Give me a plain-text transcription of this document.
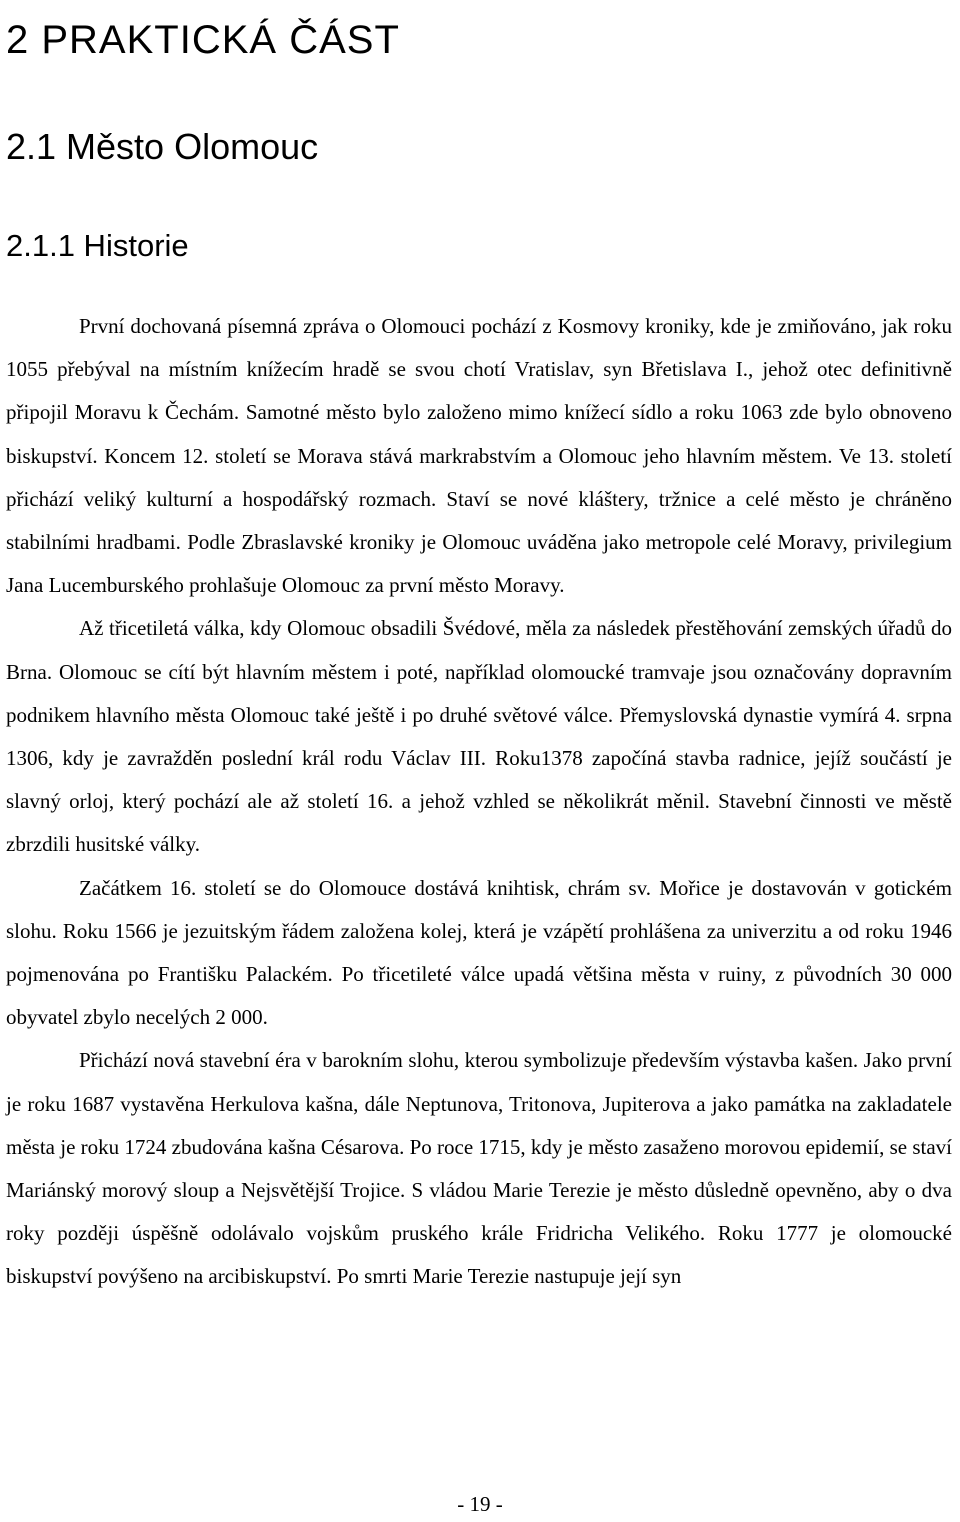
2 PRAKTICKÁ ČÁST
2.1 Město Olomouc
2.1.1 Historie

První dochovaná písemná zpráva o Olomouci pochází z Kosmovy kroniky, kde je zmiňováno, jak roku 1055 přebýval na místním knížecím hradě se svou chotí Vratislav, syn Břetislava I., jehož otec definitivně připojil Moravu k Čechám. Samotné město bylo založeno mimo knížecí sídlo a roku 1063 zde bylo obnoveno biskupství. Koncem 12. století se Morava stává markrabstvím a Olomouc jeho hlavním městem. Ve 13. století přichází veliký kulturní a hospodářský rozmach. Staví se nové kláštery, tržnice a celé město je chráněno stabilními hradbami. Podle Zbraslavské kroniky je Olomouc uváděna jako metropole celé Moravy, privilegium Jana Lucemburského prohlašuje Olomouc za první město Moravy.

Až třicetiletá válka, kdy Olomouc obsadili Švédové, měla za následek přestěhování zemských úřadů do Brna. Olomouc se cítí být hlavním městem i poté, například olomoucké tramvaje jsou označovány dopravním podnikem hlavního města Olomouc také ještě i po druhé světové válce. Přemyslovská dynastie vymírá 4. srpna 1306, kdy je zavražděn poslední král rodu Václav III. Roku1378 započíná stavba radnice, jejíž součástí je slavný orloj, který pochází ale až století 16. a jehož vzhled se několikrát měnil. Stavební činnosti ve městě zbrzdili husitské války.

Začátkem 16. století se do Olomouce dostává knihtisk, chrám sv. Mořice je dostavován v gotickém slohu. Roku 1566 je jezuitským řádem založena kolej, která je vzápětí prohlášena za univerzitu a od roku 1946 pojmenována po Františku Palackém. Po třicetileté válce upadá většina města v ruiny, z původních 30 000 obyvatel zbylo necelých 2 000.

Přichází nová stavební éra v barokním slohu, kterou symbolizuje především výstavba kašen. Jako první je roku 1687 vystavěna Herkulova kašna, dále Neptunova, Tritonova, Jupiterova a jako památka na zakladatele města je roku 1724 zbudována kašna Césarova. Po roce 1715, kdy je město zasaženo morovou epidemií, se staví Mariánský morový sloup a Nejsvětější Trojice. S vládou Marie Terezie je město důsledně opevněno, aby o dva roky později úspěšně odolávalo vojskům pruského krále Fridricha Velikého. Roku 1777 je olomoucké biskupství povýšeno na arcibiskupství. Po smrti Marie Terezie nastupuje její syn

- 19 -
